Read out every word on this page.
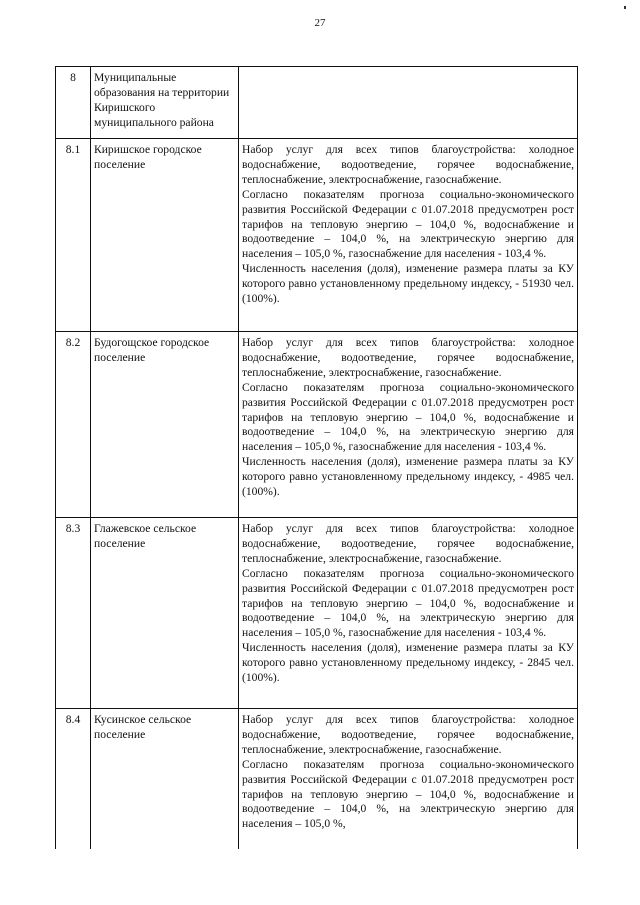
27
8	Муниципальные образования на территории Киришского муниципального района	
8.1	Киришское городское поселение	Набор услуг для всех типов благоустройства: холодное водоснабжение, водоотведение, горячее водоснабжение, теплоснабжение, электроснабжение, газоснабжение.

Согласно показателям прогноза социально-экономического развития Российской Федерации с 01.07.2018 предусмотрен рост тарифов на тепловую энергию – 104,0 %, водоснабжение и водоотведение – 104,0 %, на электрическую энергию для населения – 105,0 %, газоснабжение для населения - 103,4 %.

Численность населения (доля), изменение размера платы за КУ которого равно установленному предельному индексу, - 51930 чел. (100%).

8.2	Будогощское городское поселение	Набор услуг для всех типов благоустройства: холодное водоснабжение, водоотведение, горячее водоснабжение, теплоснабжение, электроснабжение, газоснабжение.

Согласно показателям прогноза социально-экономического развития Российской Федерации с 01.07.2018 предусмотрен рост тарифов на тепловую энергию – 104,0 %, водоснабжение и водоотведение – 104,0 %, на электрическую энергию для населения – 105,0 %, газоснабжение для населения - 103,4 %.

Численность населения (доля), изменение размера платы за КУ которого равно установленному предельному индексу, - 4985 чел. (100%).

8.3	Глажевское сельское поселение	Набор услуг для всех типов благоустройства: холодное водоснабжение, водоотведение, горячее водоснабжение, теплоснабжение, электроснабжение, газоснабжение.

Согласно показателям прогноза социально-экономического развития Российской Федерации с 01.07.2018 предусмотрен рост тарифов на тепловую энергию – 104,0 %, водоснабжение и водоотведение – 104,0 %, на электрическую энергию для населения – 105,0 %, газоснабжение для населения - 103,4 %.

Численность населения (доля), изменение размера платы за КУ которого равно установленному предельному индексу, - 2845 чел. (100%).

8.4	Кусинское сельское поселение	Набор услуг для всех типов благоустройства: холодное водоснабжение, водоотведение, горячее водоснабжение, теплоснабжение, электроснабжение, газоснабжение.

Согласно показателям прогноза социально-экономического развития Российской Федерации с 01.07.2018 предусмотрен рост тарифов на тепловую энергию – 104,0 %, водоснабжение и водоотведение – 104,0 %, на электрическую энергию для населения – 105,0 %,
